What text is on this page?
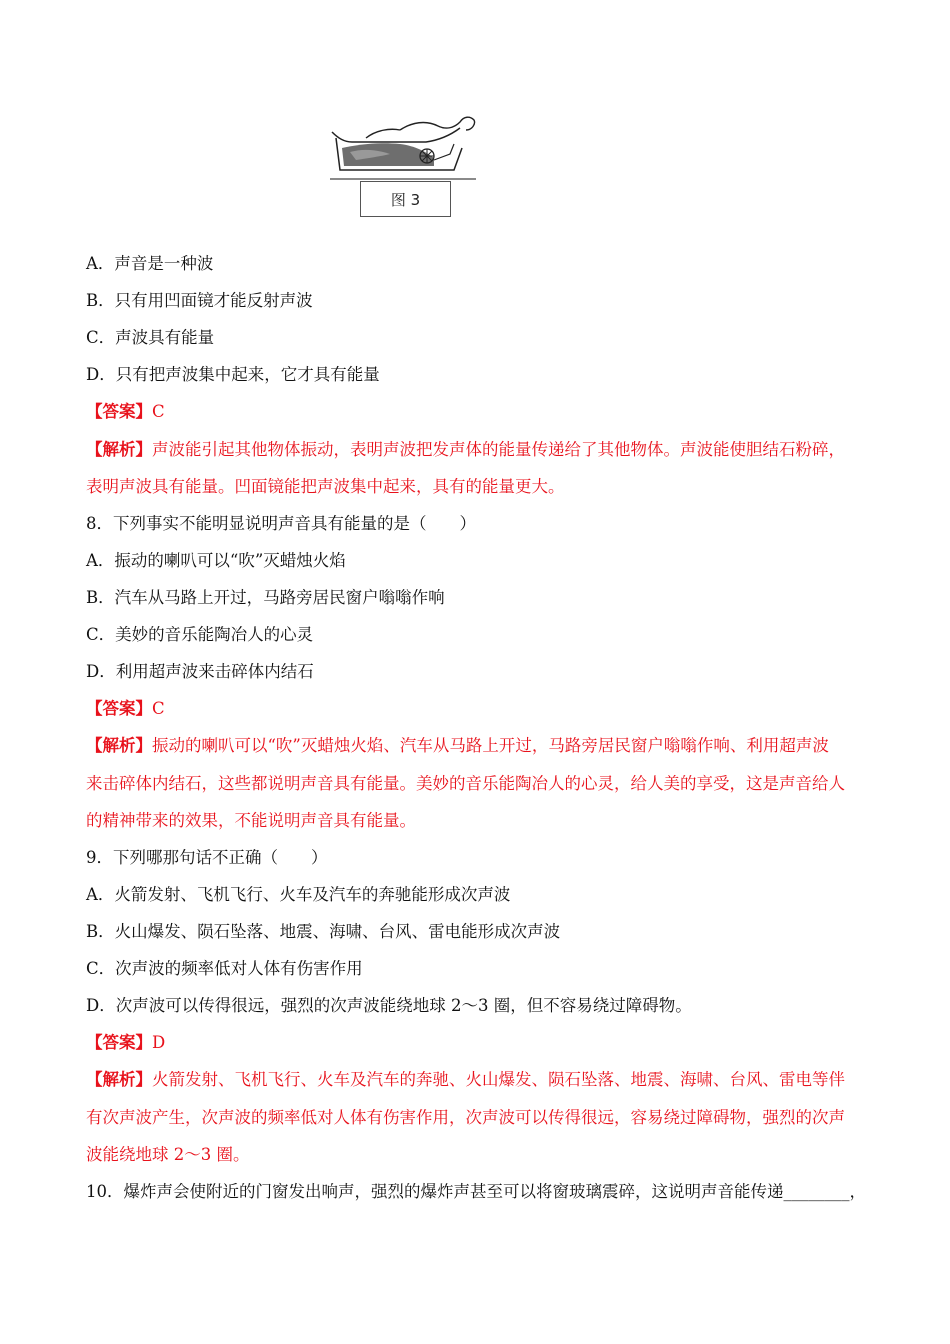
图 3
A．声音是一种波
B．只有用凹面镜才能反射声波
C．声波具有能量
D．只有把声波集中起来，它才具有能量
【答案】C
【解析】声波能引起其他物体振动，表明声波把发声体的能量传递给了其他物体。声波能使胆结石粉碎，
表明声波具有能量。凹面镜能把声波集中起来，具有的能量更大。
8．下列事实不能明显说明声音具有能量的是（　　）
A．振动的喇叭可以“吹”灭蜡烛火焰
B．汽车从马路上开过，马路旁居民窗户嗡嗡作响
C．美妙的音乐能陶冶人的心灵
D．利用超声波来击碎体内结石
【答案】C
【解析】振动的喇叭可以“吹”灭蜡烛火焰、汽车从马路上开过，马路旁居民窗户嗡嗡作响、利用超声波
来击碎体内结石，这些都说明声音具有能量。美妙的音乐能陶冶人的心灵，给人美的享受，这是声音给人
的精神带来的效果，不能说明声音具有能量。
9．下列哪那句话不正确（　　）
A．火箭发射、飞机飞行、火车及汽车的奔驰能形成次声波
B．火山爆发、陨石坠落、地震、海啸、台风、雷电能形成次声波
C．次声波的频率低对人体有伤害作用
D．次声波可以传得很远，强烈的次声波能绕地球 2～3 圈，但不容易绕过障碍物。
【答案】D
【解析】火箭发射、飞机飞行、火车及汽车的奔驰、火山爆发、陨石坠落、地震、海啸、台风、雷电等伴
有次声波产生，次声波的频率低对人体有伤害作用，次声波可以传得很远，容易绕过障碍物，强烈的次声
波能绕地球 2～3 圈。
10．爆炸声会使附近的门窗发出响声，强烈的爆炸声甚至可以将窗玻璃震碎，这说明声音能传递________，
